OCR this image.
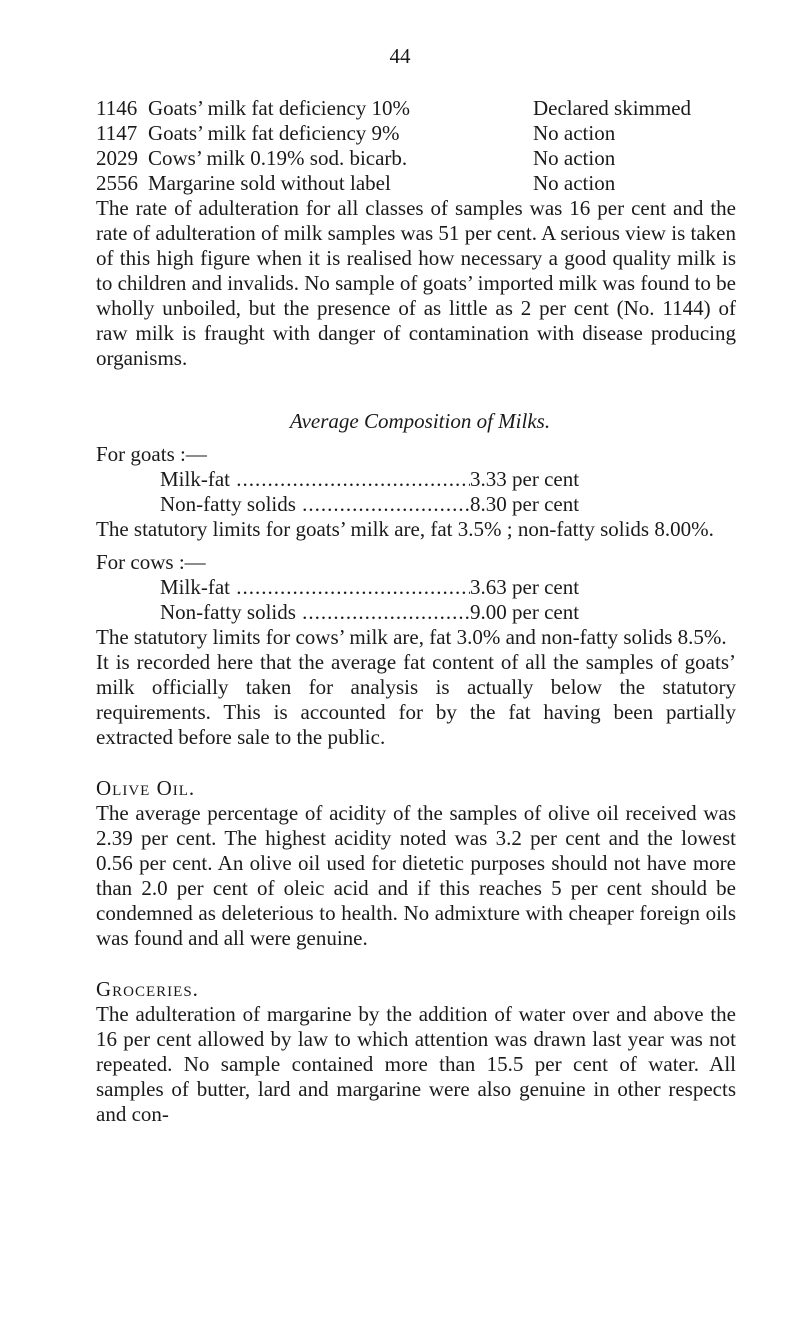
44
1146 Goats’ milk fat deficiency 10%	Declared skimmed
1147 Goats’ milk fat deficiency 9%	No action
2029 Cows’ milk 0.19% sod. bicarb.	No action
2556 Margarine sold without label	No action

The rate of adulteration for all classes of samples was 16 per cent and the rate of adulteration of milk samples was 51 per cent. A serious view is taken of this high figure when it is realised how necessary a good quality milk is to children and invalids. No sample of goats’ imported milk was found to be wholly unboiled, but the presence of as little as 2 per cent (No. 1144) of raw milk is fraught with danger of contamination with disease producing organisms.

Average Composition of Milks.
For goats :—
Milk-fat .....	3.33 per cent
Non-fatty solids .....	8.30 per cent

The statutory limits for goats’ milk are, fat 3.5% ; non-fatty solids 8.00%.

For cows :—
Milk-fat .....	3.63 per cent
Non-fatty solids .....	9.00 per cent

The statutory limits for cows’ milk are, fat 3.0% and non-fatty solids 8.5%.

It is recorded here that the average fat content of all the samples of goats’ milk officially taken for analysis is actually below the statutory requirements. This is accounted for by the fat having been partially extracted before sale to the public.

Olive Oil.

The average percentage of acidity of the samples of olive oil received was 2.39 per cent. The highest acidity noted was 3.2 per cent and the lowest 0.56 per cent. An olive oil used for dietetic purposes should not have more than 2.0 per cent of oleic acid and if this reaches 5 per cent should be condemned as deleterious to health. No admixture with cheaper foreign oils was found and all were genuine.

Groceries.

The adulteration of margarine by the addition of water over and above the 16 per cent allowed by law to which attention was drawn last year was not repeated. No sample contained more than 15.5 per cent of water. All samples of butter, lard and margarine were also genuine in other respects and con-
